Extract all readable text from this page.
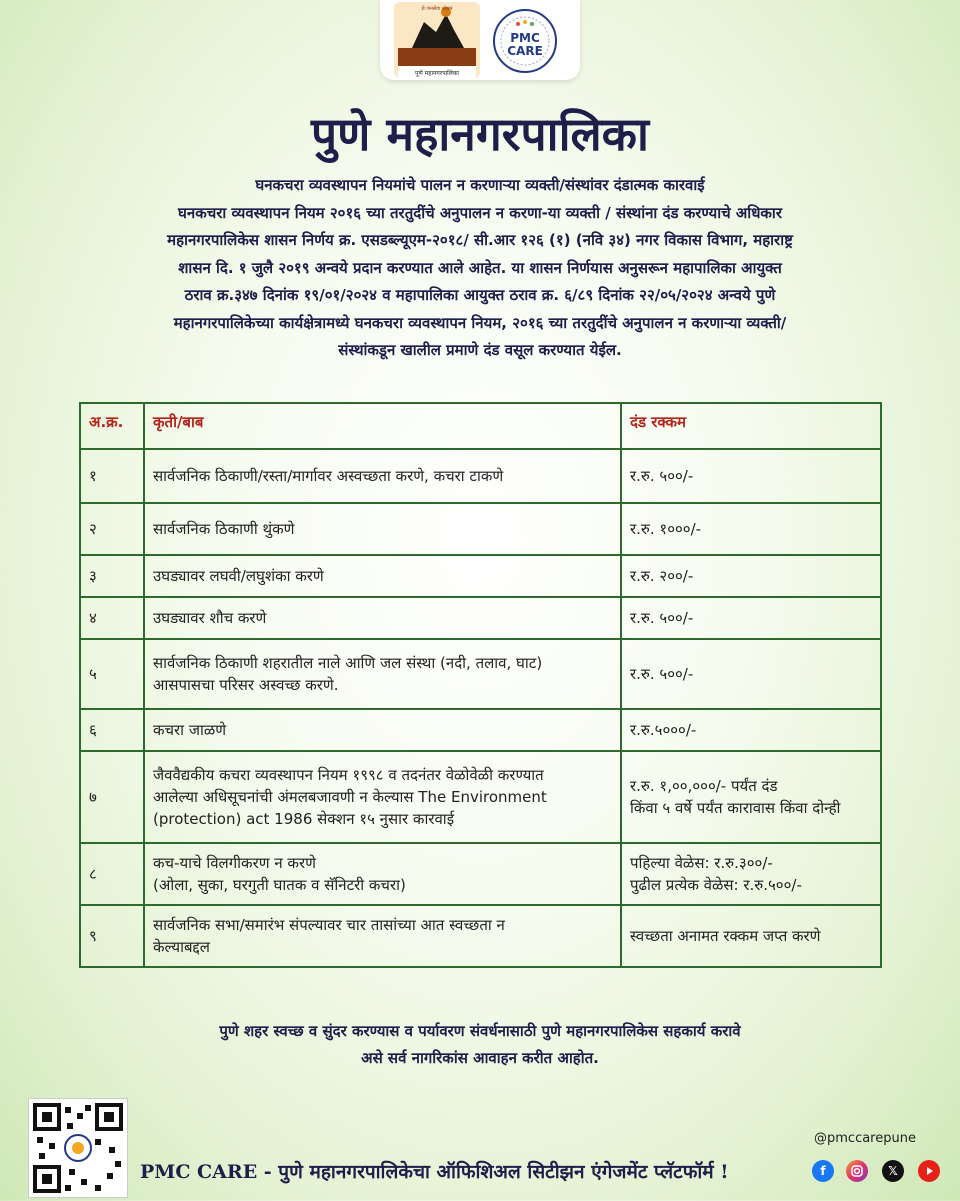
ज्ञे जनसेवा ध्येयम
पुणे महानगरपालिका
PMC CARE
पुणे महानगरपालिका
घनकचरा व्यवस्थापन नियमांचे पालन न करणाऱ्या व्यक्ती/संस्थांवर दंडात्मक कारवाई
घनकचरा व्यवस्थापन नियम २०१६ च्या तरतुदींचे अनुपालन न करणा-या व्यक्ती / संस्थांना दंड करण्याचे अधिकार
महानगरपालिकेस शासन निर्णय क्र. एसडब्ल्यूएम-२०१८/ सी.आर १२६ (१) (नवि ३४) नगर विकास विभाग, महाराष्ट्र
शासन दि. १ जुलै २०१९ अन्वये प्रदान करण्यात आले आहेत. या शासन निर्णयास अनुसरून महापालिका आयुक्त
ठराव क्र.३४७ दिनांक १९/०१/२०२४ व महापालिका आयुक्त ठराव क्र. ६/८९ दिनांक २२/०५/२०२४ अन्वये पुणे
महानगरपालिकेच्या कार्यक्षेत्रामध्ये घनकचरा व्यवस्थापन नियम, २०१६ च्या तरतुदींचे अनुपालन न करणाऱ्या व्यक्ती/
संस्थांकडून खालील प्रमाणे दंड वसूल करण्यात येईल.
अ.क्र.	कृती/बाब	दंड रक्कम
१	सार्वजनिक ठिकाणी/रस्ता/मार्गावर अस्वच्छता करणे, कचरा टाकणे	र.रु. ५००/-

२	सार्वजनिक ठिकाणी थुंकणे	र.रु. १०००/-

३	उघड्यावर लघवी/लघुशंका करणे	र.रु. २००/-

४	उघड्यावर शौच करणे	र.रु. ५००/-

५	सार्वजनिक ठिकाणी शहरातील नाले आणि जल संस्था (नदी, तलाव, घाट)
आसपासचा परिसर अस्वच्छ करणे.	र.रु. ५००/-

६	कचरा जाळणे	र.रु.५०००/-

७	जैववैद्यकीय कचरा व्यवस्थापन नियम १९९८ व तदनंतर वेळोवेळी करण्यात
आलेल्या अधिसूचनांची अंमलबजावणी न केल्यास The Environment
(protection) act 1986 सेक्शन १५ नुसार कारवाई	र.रु. १,००,०००/- पर्यंत दंड
किंवा ५ वर्षे पर्यंत कारावास किंवा दोन्ही

८	कच-याचे विलगीकरण न करणे
(ओला, सुका, घरगुती घातक व सॅनिटरी कचरा)	पहिल्या वेळेस: र.रु.३००/-
पुढील प्रत्येक वेळेस: र.रु.५००/-

९	सार्वजनिक सभा/समारंभ संपल्यावर चार तासांच्या आत स्वच्छता न
केल्याबद्दल	स्वच्छता अनामत रक्कम जप्त करणे
पुणे शहर स्वच्छ व सुंदर करण्यास व पर्यावरण संवर्धनासाठी पुणे महानगरपालिकेस सहकार्य करावे
असे सर्व नागरिकांस आवाहन करीत आहोत.
PMC CARE - पुणे महानगरपालिकेचा ऑफिशिअल सिटीझन एंगेजमेंट प्लॅटफॉर्म !
@pmccarepune
f	𝕏
